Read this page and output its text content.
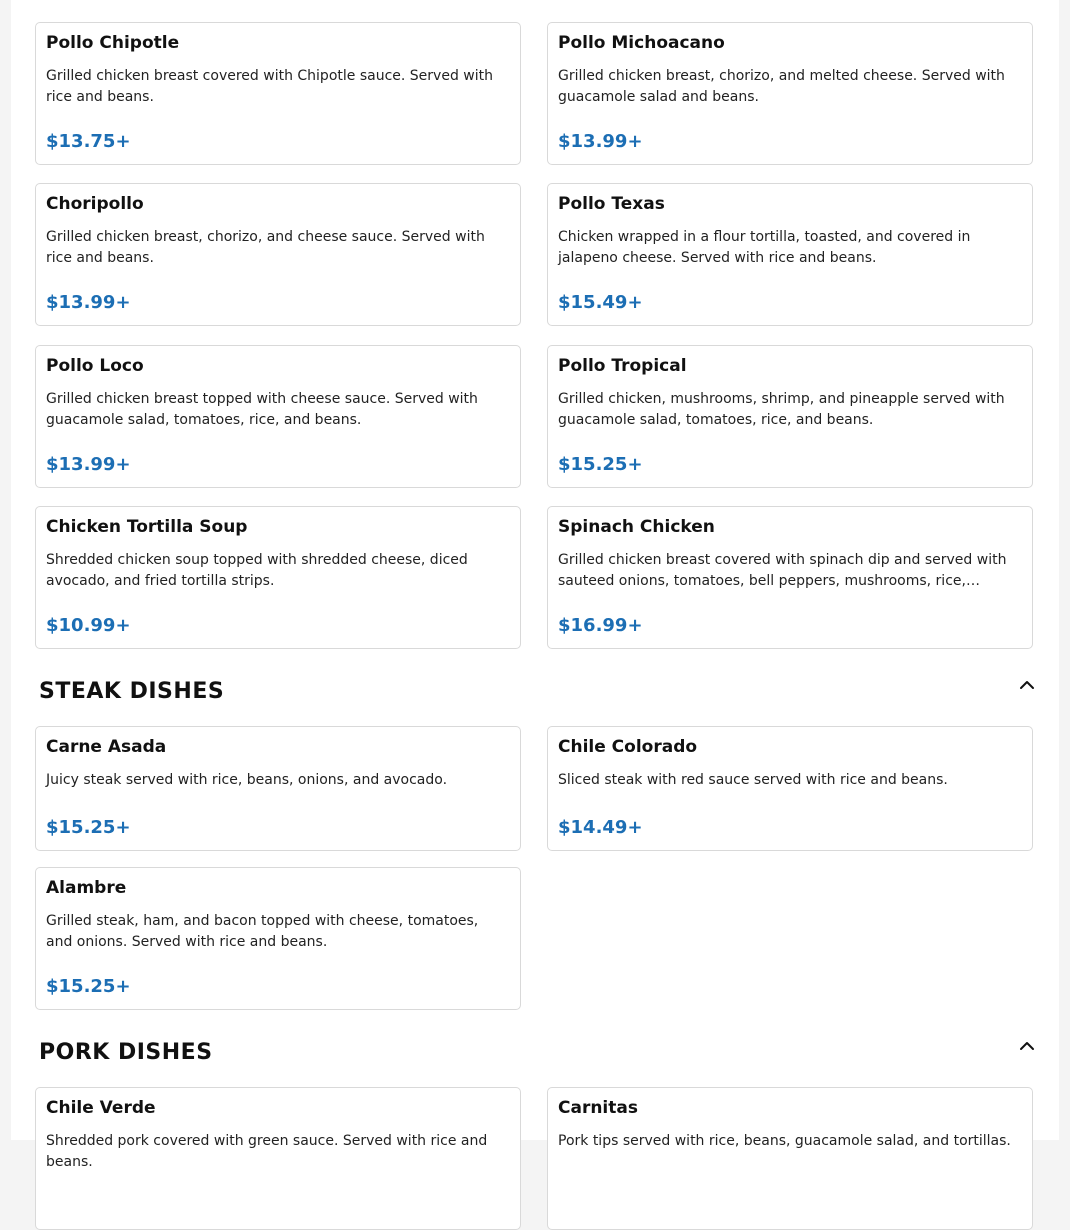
Pollo Chipotle
Grilled chicken breast covered with Chipotle sauce. Served with rice and beans.
$13.75+
Pollo Michoacano
Grilled chicken breast, chorizo, and melted cheese. Served with guacamole salad and beans.
$13.99+
Choripollo
Grilled chicken breast, chorizo, and cheese sauce. Served with rice and beans.
$13.99+
Pollo Texas
Chicken wrapped in a flour tortilla, toasted, and covered in jalapeno cheese. Served with rice and beans.
$15.49+
Pollo Loco
Grilled chicken breast topped with cheese sauce. Served with guacamole salad, tomatoes, rice, and beans.
$13.99+
Pollo Tropical
Grilled chicken, mushrooms, shrimp, and pineapple served with guacamole salad, tomatoes, rice, and beans.
$15.25+
Chicken Tortilla Soup
Shredded chicken soup topped with shredded cheese, diced avocado, and fried tortilla strips.
$10.99+
Spinach Chicken
Grilled chicken breast covered with spinach dip and served with sauteed onions, tomatoes, bell peppers, mushrooms, rice,…
$16.99+
STEAK DISHES
Carne Asada
Juicy steak served with rice, beans, onions, and avocado.
$15.25+
Chile Colorado
Sliced steak with red sauce served with rice and beans.
$14.49+
Alambre
Grilled steak, ham, and bacon topped with cheese, tomatoes, and onions. Served with rice and beans.
$15.25+
PORK DISHES
Chile Verde
Shredded pork covered with green sauce. Served with rice and beans.
Carnitas
Pork tips served with rice, beans, guacamole salad, and tortillas.
